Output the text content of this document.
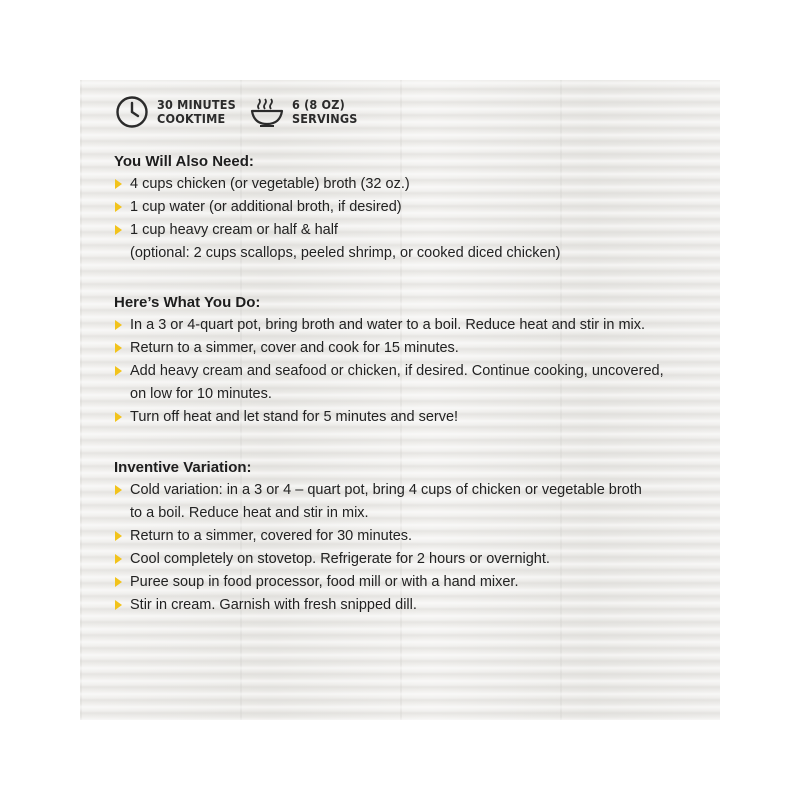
30 MINUTES
COOKTIME
6 (8 OZ)
SERVINGS
You Will Also Need:
4 cups chicken (or vegetable) broth (32 oz.)
1 cup water (or additional broth, if desired)
1 cup heavy cream or half & half
(optional: 2 cups scallops, peeled shrimp, or cooked diced chicken)
Here’s What You Do:
In a 3 or 4-quart pot, bring broth and water to a boil. Reduce heat and stir in mix.
Return to a simmer, cover and cook for 15 minutes.
Add heavy cream and seafood or chicken, if desired. Continue cooking, uncovered,
on low for 10 minutes.
Turn off heat and let stand for 5 minutes and serve!
Inventive Variation:
Cold variation: in a 3 or 4 – quart pot, bring 4 cups of chicken or vegetable broth
to a boil. Reduce heat and stir in mix.
Return to a simmer, covered for 30 minutes.
Cool completely on stovetop. Refrigerate for 2 hours or overnight.
Puree soup in food processor, food mill or with a hand mixer.
Stir in cream. Garnish with fresh snipped dill.
